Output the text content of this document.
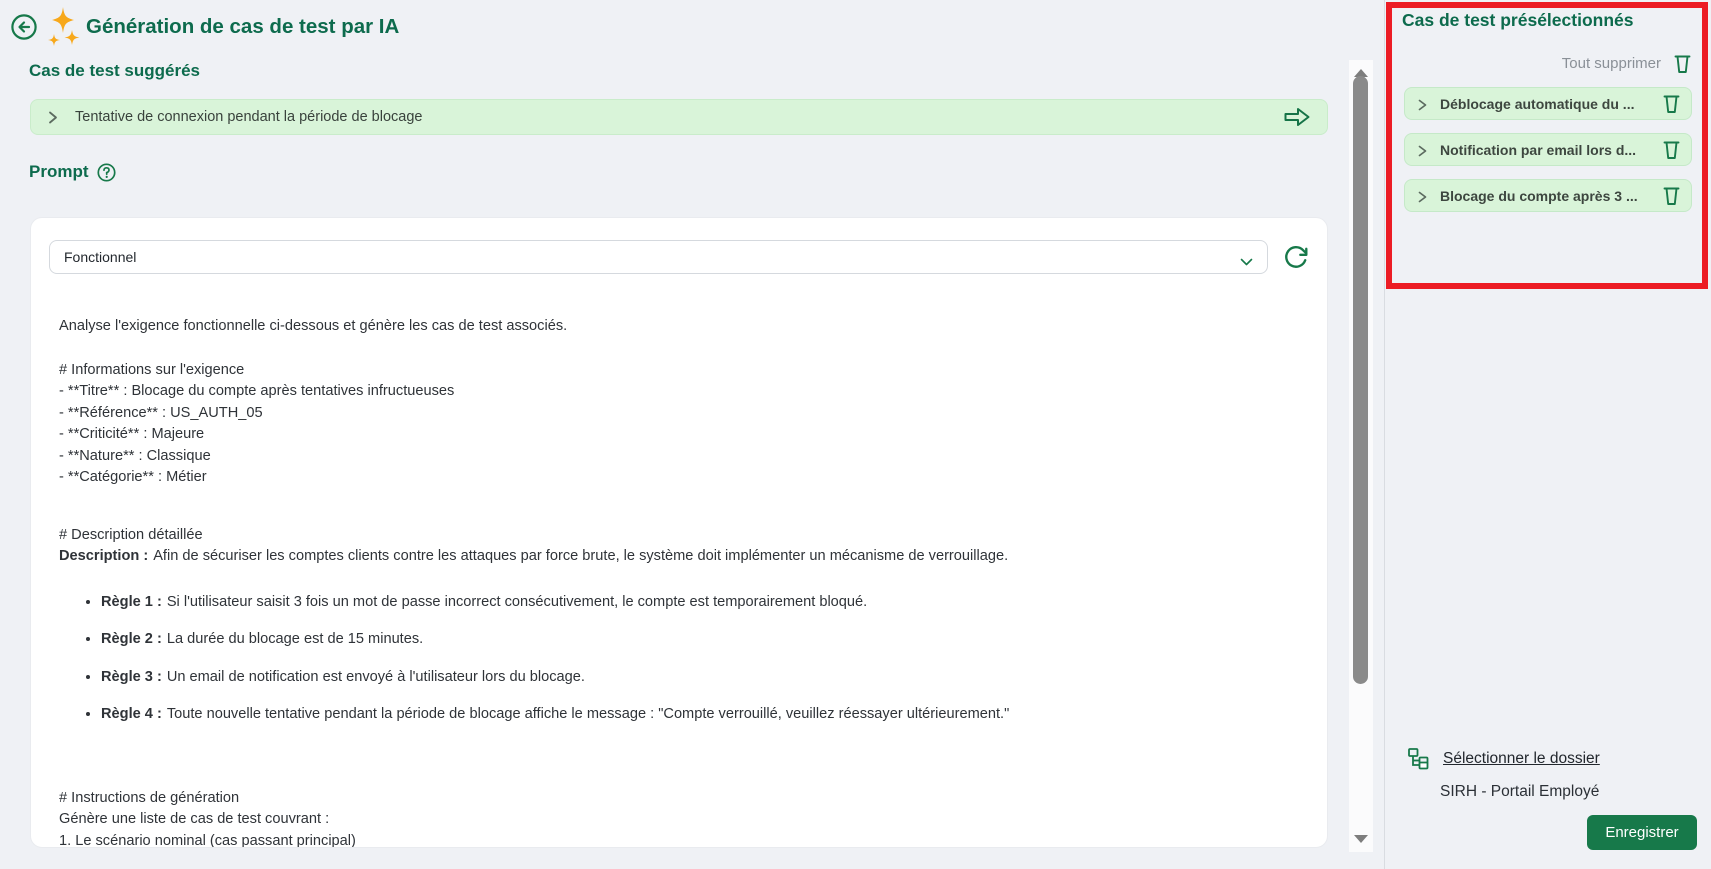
Génération de cas de test par IA
Cas de test suggérés
Tentative de connexion pendant la période de blocage
Prompt
Fonctionnel
Analyse l'exigence fonctionnelle ci-dessous et génère les cas de test associés.
# Informations sur l'exigence
- **Titre** : Blocage du compte après tentatives infructueuses
- **Référence** : US_AUTH_05
- **Criticité** : Majeure
- **Nature** : Classique
- **Catégorie** : Métier
# Description détaillée
Description : Afin de sécuriser les comptes clients contre les attaques par force brute, le système doit implémenter un mécanisme de verrouillage.
• Règle 1 : Si l'utilisateur saisit 3 fois un mot de passe incorrect consécutivement, le compte est temporairement bloqué.
• Règle 2 : La durée du blocage est de 15 minutes.
• Règle 3 : Un email de notification est envoyé à l'utilisateur lors du blocage.
• Règle 4 : Toute nouvelle tentative pendant la période de blocage affiche le message : "Compte verrouillé, veuillez réessayer ultérieurement."
# Instructions de génération
Génère une liste de cas de test couvrant :
1. Le scénario nominal (cas passant principal)
Cas de test présélectionnés
Tout supprimer
Déblocage automatique du ...
Notification par email lors d...
Blocage du compte après 3 ...
Sélectionner le dossier
SIRH - Portail Employé
Enregistrer
